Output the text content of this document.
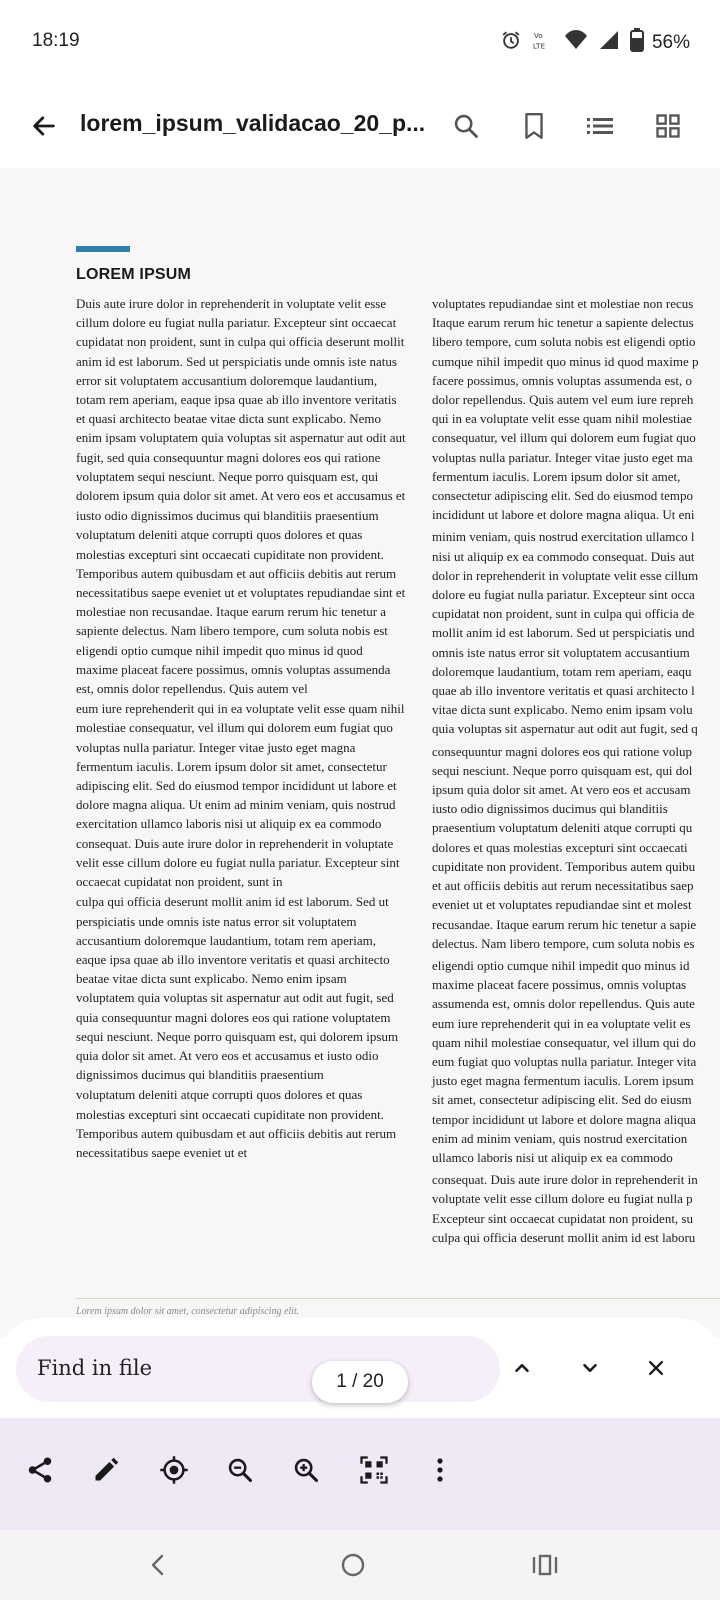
18:19	Vo
LTE	56%
lorem_ipsum_validacao_20_p...
LOREM IPSUM

Duis aute irure dolor in reprehenderit in voluptate velit esse cillum dolore eu fugiat nulla pariatur. Excepteur sint occaecat cupidatat non proident, sunt in culpa qui officia deserunt mollit anim id est laborum. Sed ut perspiciatis unde omnis iste natus error sit voluptatem accusantium doloremque laudantium, totam rem aperiam, eaque ipsa quae ab illo inventore veritatis et quasi architecto beatae vitae dicta sunt explicabo. Nemo enim ipsam voluptatem quia voluptas sit aspernatur aut odit aut fugit, sed quia consequuntur magni dolores eos qui ratione voluptatem sequi nesciunt. Neque porro quisquam est, qui dolorem ipsum quia dolor sit amet. At vero eos et accusamus et

iusto odio dignissimos ducimus qui blanditiis praesentium voluptatum deleniti atque corrupti quos dolores et quas molestias excepturi sint occaecati cupiditate non provident. Temporibus autem quibusdam et aut officiis debitis aut rerum necessitatibus saepe eveniet ut et voluptates repudiandae sint et molestiae non recusandae. Itaque earum rerum hic tenetur a sapiente delectus. Nam libero tempore, cum soluta nobis est eligendi optio cumque nihil impedit quo minus id quod maxime placeat facere possimus, omnis voluptas assumenda est, omnis dolor repellendus. Quis autem vel

eum iure reprehenderit qui in ea voluptate velit esse quam nihil molestiae consequatur, vel illum qui dolorem eum fugiat quo voluptas nulla pariatur. Integer vitae justo eget magna fermentum iaculis. Lorem ipsum dolor sit amet, consectetur adipiscing elit. Sed do eiusmod tempor incididunt ut labore et dolore magna aliqua. Ut enim ad minim veniam, quis nostrud exercitation ullamco laboris nisi ut aliquip ex ea commodo consequat. Duis aute irure dolor in reprehenderit in voluptate velit esse cillum dolore eu fugiat nulla pariatur. Excepteur sint occaecat cupidatat non proident, sunt in

culpa qui officia deserunt mollit anim id est laborum. Sed ut perspiciatis unde omnis iste natus error sit voluptatem accusantium doloremque laudantium, totam rem aperiam, eaque ipsa quae ab illo inventore veritatis et quasi architecto beatae vitae dicta sunt explicabo. Nemo enim ipsam voluptatem quia voluptas sit aspernatur aut odit aut fugit, sed quia consequuntur magni dolores eos qui ratione voluptatem sequi nesciunt. Neque porro quisquam est, qui dolorem ipsum quia dolor sit amet. At vero eos et accusamus et iusto odio dignissimos ducimus qui blanditiis praesentium

voluptatum deleniti atque corrupti quos dolores et quas molestias excepturi sint occaecati cupiditate non provident. Temporibus autem quibusdam et aut officiis debitis aut rerum necessitatibus saepe eveniet ut et

voluptates repudiandae sint et molestiae non recus
Itaque earum rerum hic tenetur a sapiente delectus
libero tempore, cum soluta nobis est eligendi optio
cumque nihil impedit quo minus id quod maxime p
facere possimus, omnis voluptas assumenda est, o
dolor repellendus. Quis autem vel eum iure repreh
qui in ea voluptate velit esse quam nihil molestiae
consequatur, vel illum qui dolorem eum fugiat quo
voluptas nulla pariatur. Integer vitae justo eget ma
fermentum iaculis. Lorem ipsum dolor sit amet,
consectetur adipiscing elit. Sed do eiusmod tempo
incididunt ut labore et dolore magna aliqua. Ut eni
minim veniam, quis nostrud exercitation ullamco l
nisi ut aliquip ex ea commodo consequat. Duis aut
dolor in reprehenderit in voluptate velit esse cillum
dolore eu fugiat nulla pariatur. Excepteur sint occa
cupidatat non proident, sunt in culpa qui officia de
mollit anim id est laborum. Sed ut perspiciatis und
omnis iste natus error sit voluptatem accusantium
doloremque laudantium, totam rem aperiam, eaqu
quae ab illo inventore veritatis et quasi architecto l
vitae dicta sunt explicabo. Nemo enim ipsam volu
quia voluptas sit aspernatur aut odit aut fugit, sed q
consequuntur magni dolores eos qui ratione volup
sequi nesciunt. Neque porro quisquam est, qui dol
ipsum quia dolor sit amet. At vero eos et accusam
iusto odio dignissimos ducimus qui blanditiis
praesentium voluptatum deleniti atque corrupti qu
dolores et quas molestias excepturi sint occaecati
cupiditate non provident. Temporibus autem quibu
et aut officiis debitis aut rerum necessitatibus saep
eveniet ut et voluptates repudiandae sint et molest
recusandae. Itaque earum rerum hic tenetur a sapie
delectus. Nam libero tempore, cum soluta nobis es
eligendi optio cumque nihil impedit quo minus id
maxime placeat facere possimus, omnis voluptas
assumenda est, omnis dolor repellendus. Quis aute
eum iure reprehenderit qui in ea voluptate velit es
quam nihil molestiae consequatur, vel illum qui do
eum fugiat quo voluptas nulla pariatur. Integer vita
justo eget magna fermentum iaculis. Lorem ipsum
sit amet, consectetur adipiscing elit. Sed do eiusm
tempor incididunt ut labore et dolore magna aliqua
enim ad minim veniam, quis nostrud exercitation
ullamco laboris nisi ut aliquip ex ea commodo
consequat. Duis aute irure dolor in reprehenderit in
voluptate velit esse cillum dolore eu fugiat nulla p
Excepteur sint occaecat cupidatat non proident, su
culpa qui officia deserunt mollit anim id est laboru
Lorem ipsum dolor sit amet, consectetur adipiscing elit.
Find in file
1 / 20
